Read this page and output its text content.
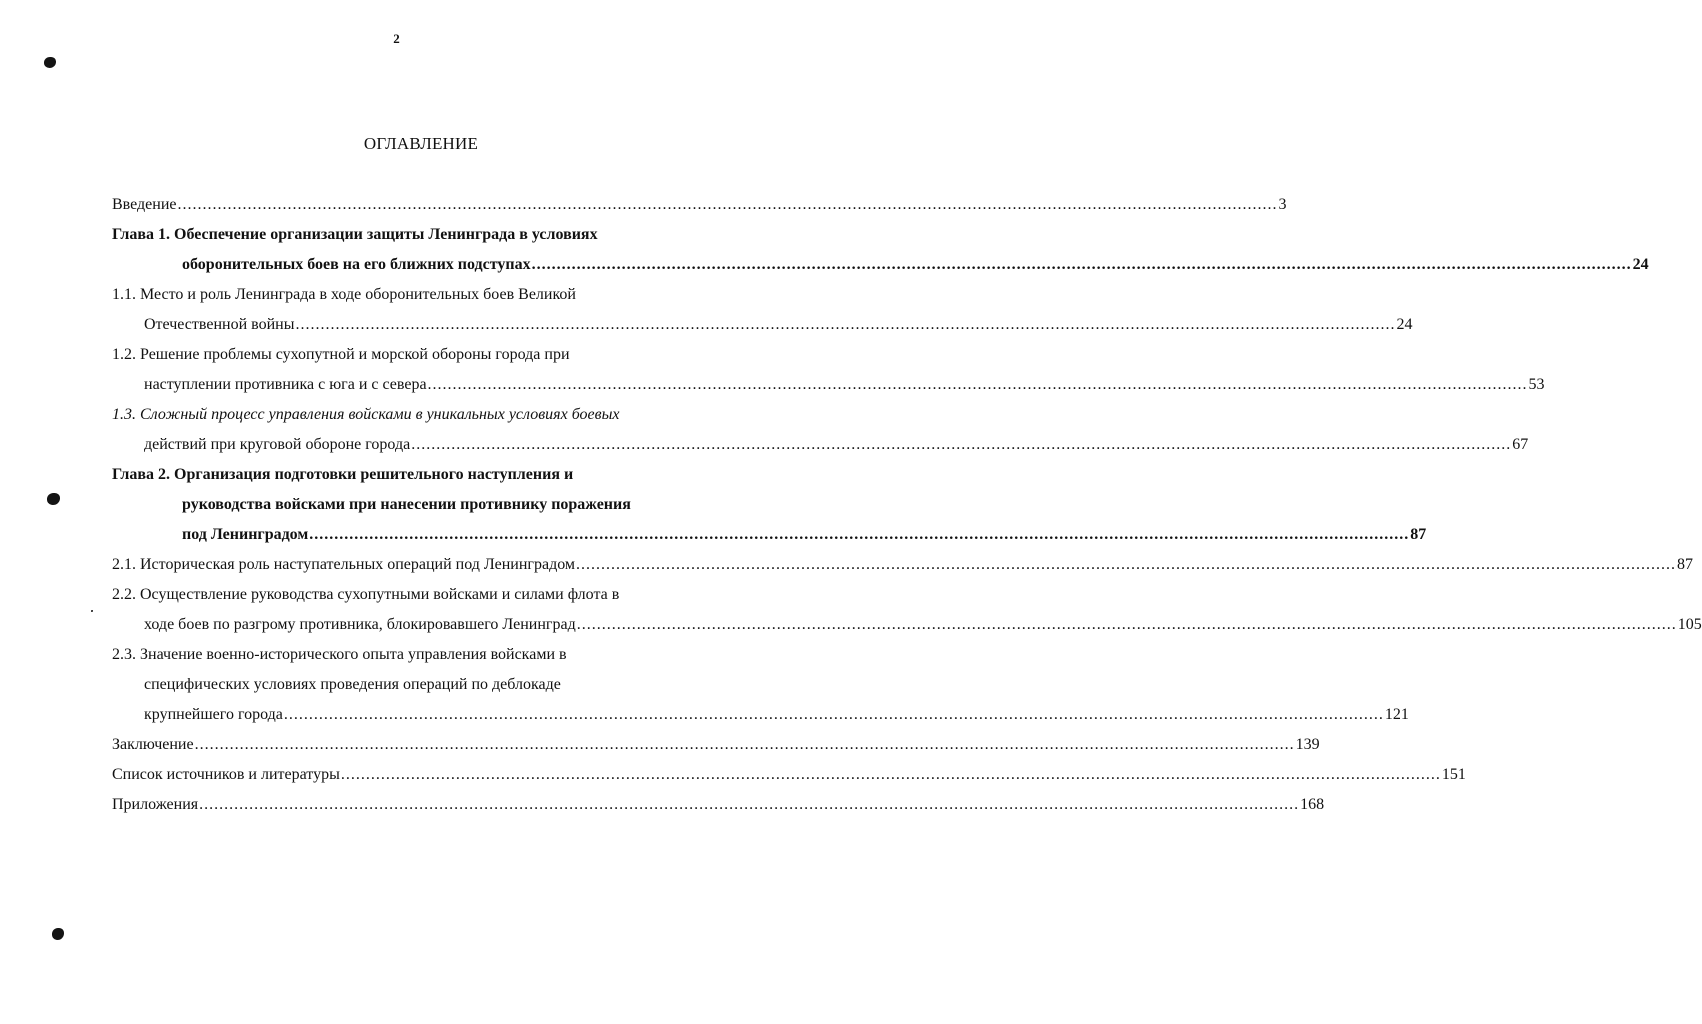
2
ОГЛАВЛЕНИЕ
Введение ............................................................................................................................................................................................................................ 3
Глава 1. Обеспечение организации защиты Ленинграда в условиях
оборонительных боев на его ближних подступах ............................................................................................................................................................................................................................ 24
1.1. Место и роль Ленинграда в ходе оборонительных боев Великой
Отечественной войны ............................................................................................................................................................................................................................ 24
1.2. Решение проблемы сухопутной и морской обороны города при
наступлении противника с юга и с севера ............................................................................................................................................................................................................................ 53
1.3. Сложный процесс управления войсками в уникальных условиях боевых
действий при круговой обороне города ............................................................................................................................................................................................................................ 67
Глава 2. Организация подготовки решительного наступления и
руководства войсками при нанесении противнику поражения
под Ленинградом ............................................................................................................................................................................................................................ 87
2.1. Историческая роль наступательных операций под Ленинградом ............................................................................................................................................................................................................................ 87
2.2. Осуществление руководства сухопутными войсками и силами флота в
ходе боев по разгрому противника, блокировавшего Ленинград ............................................................................................................................................................................................................................ 105
2.3. Значение военно-исторического опыта управления войсками в
специфических условиях проведения операций по деблокаде
крупнейшего города ............................................................................................................................................................................................................................ 121
Заключение ............................................................................................................................................................................................................................ 139
Список источников и литературы ............................................................................................................................................................................................................................ 151
Приложения ............................................................................................................................................................................................................................ 168
